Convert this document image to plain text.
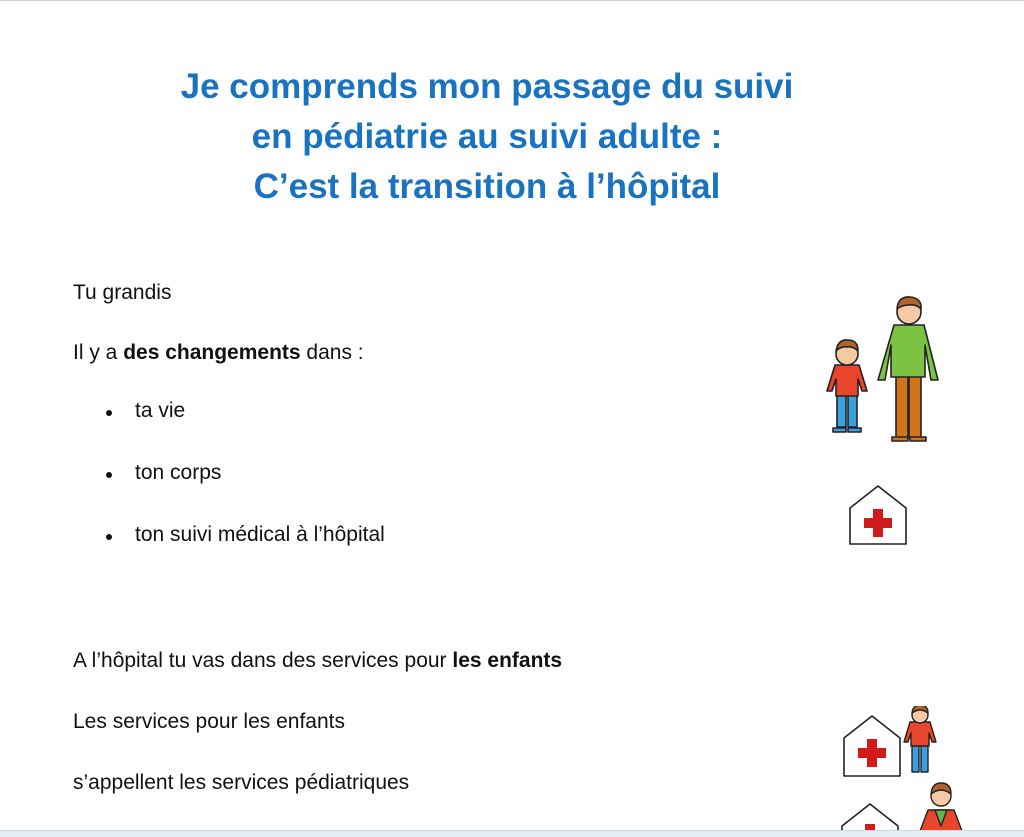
Je comprends mon passage du suivi
en pédiatrie au suivi adulte :
C’est la transition à l’hôpital

Tu grandis

Il y a des changements dans :

ta vie
ton corps
ton suivi médical à l’hôpital

A l’hôpital tu vas dans des services pour les enfants

Les services pour les enfants

s’appellent les services pédiatriques
